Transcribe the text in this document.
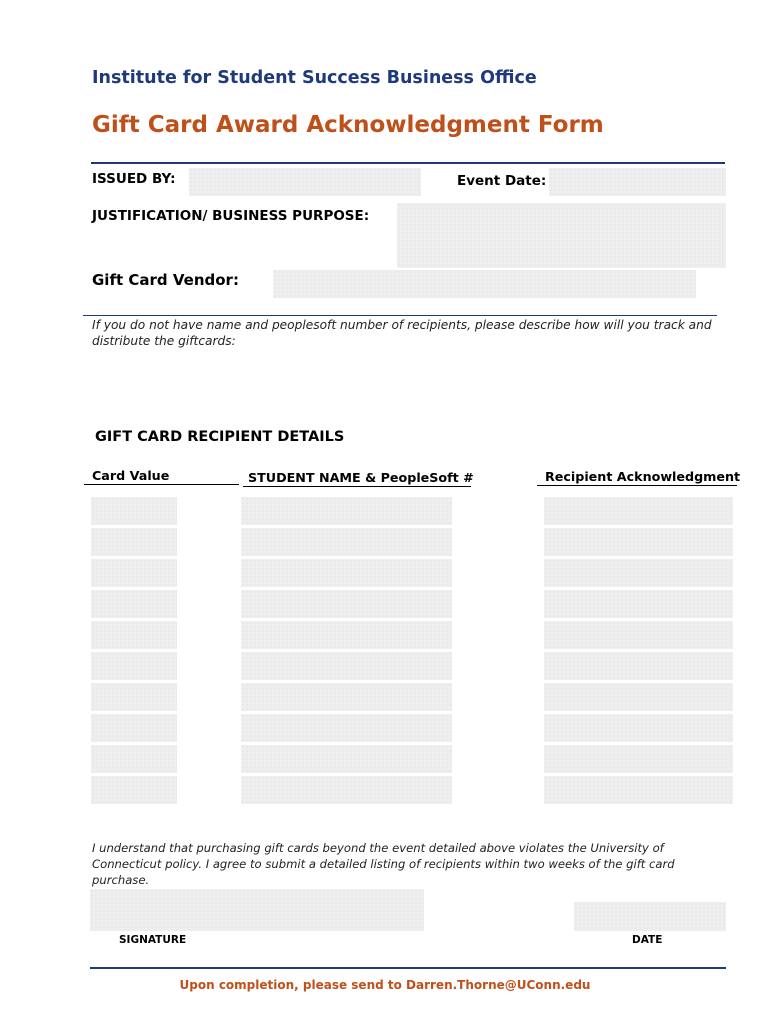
Institute for Student Success Business Office
Gift Card Award Acknowledgment Form
ISSUED BY:	Event Date:
JUSTIFICATION/ BUSINESS PURPOSE:
Gift Card Vendor:
If you do not have name and peoplesoft number of recipients, please describe how will you track and distribute the giftcards:
GIFT CARD RECIPIENT DETAILS
Card Value	STUDENT NAME & PeopleSoft #	Recipient Acknowledgment
I understand that purchasing gift cards beyond the event detailed above violates the University of Connecticut policy. I agree to submit a detailed listing of recipients within two weeks of the gift card purchase.
SIGNATURE	DATE
Upon completion, please send to Darren.Thorne@UConn.edu
